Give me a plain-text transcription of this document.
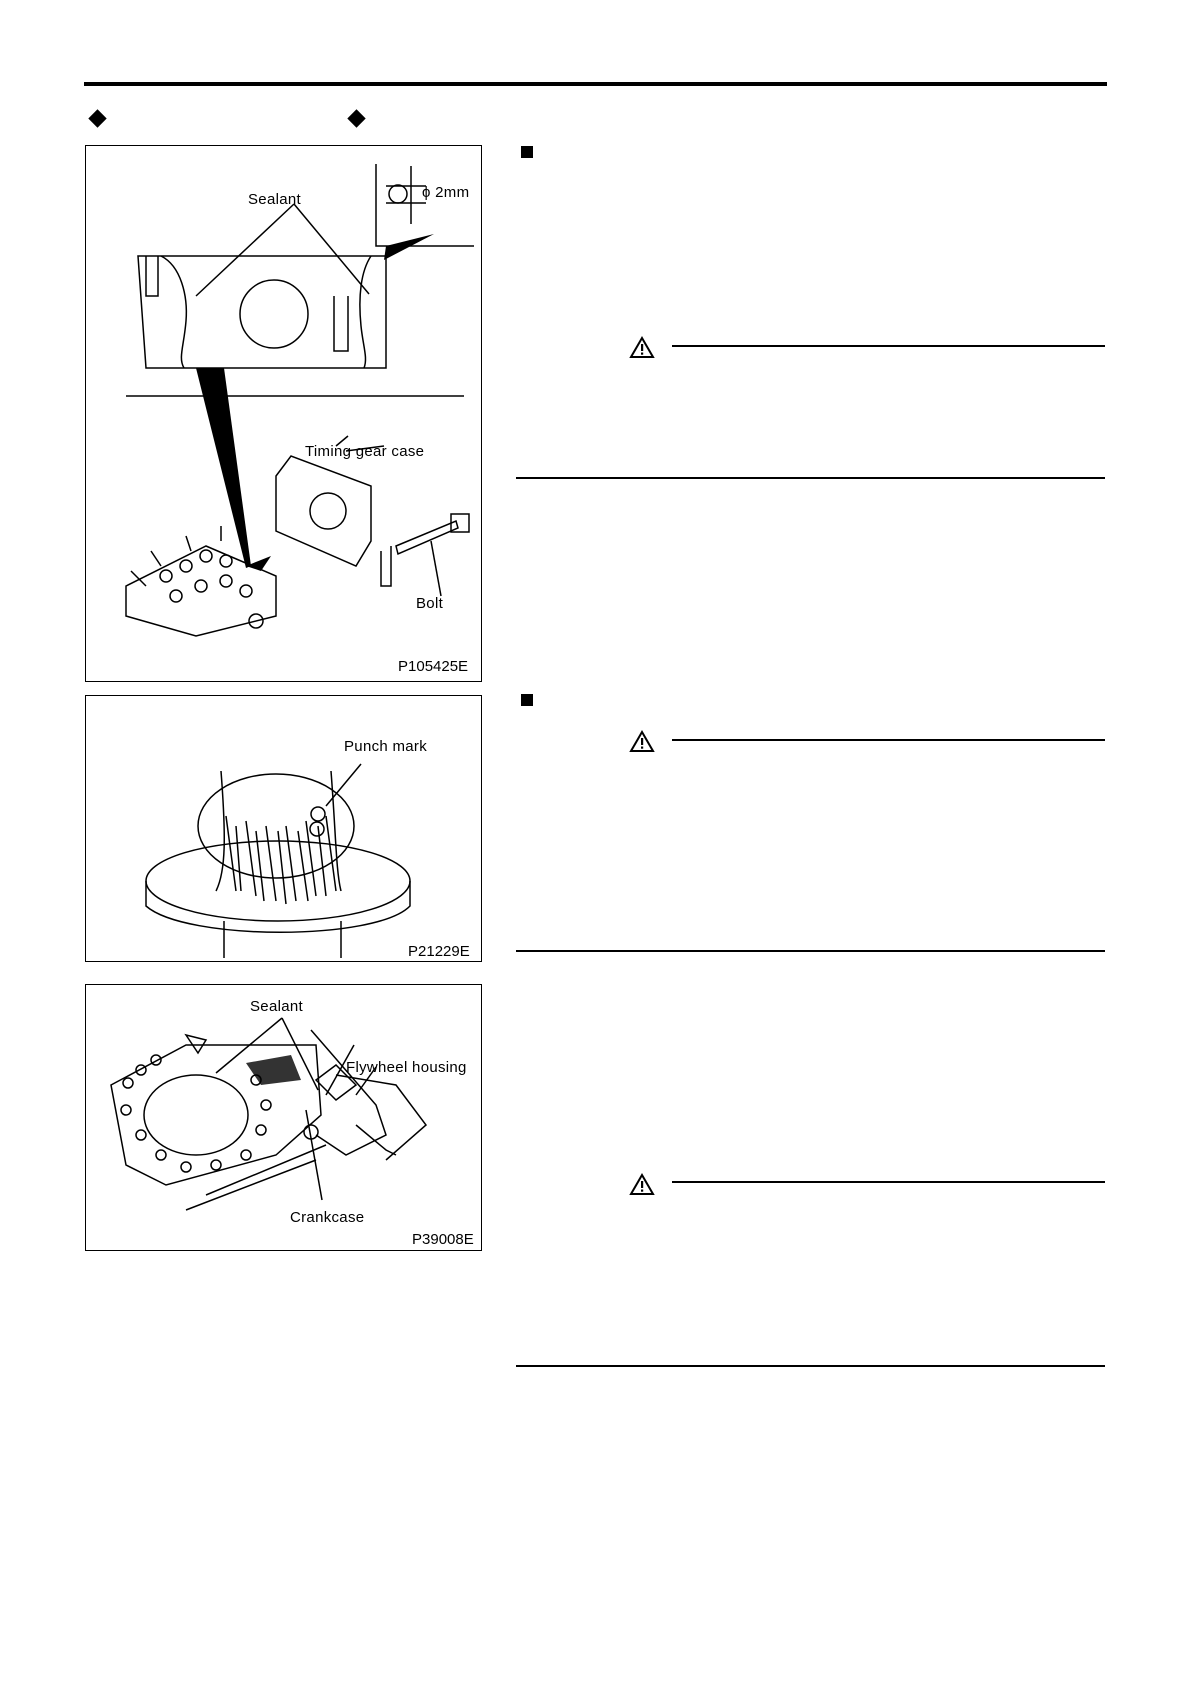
Sealant	ϕ 2mm
Timing gear case
Bolt
P105425E
Punch mark
P21229E
Sealant
Flywheel housing
Crankcase
P39008E
